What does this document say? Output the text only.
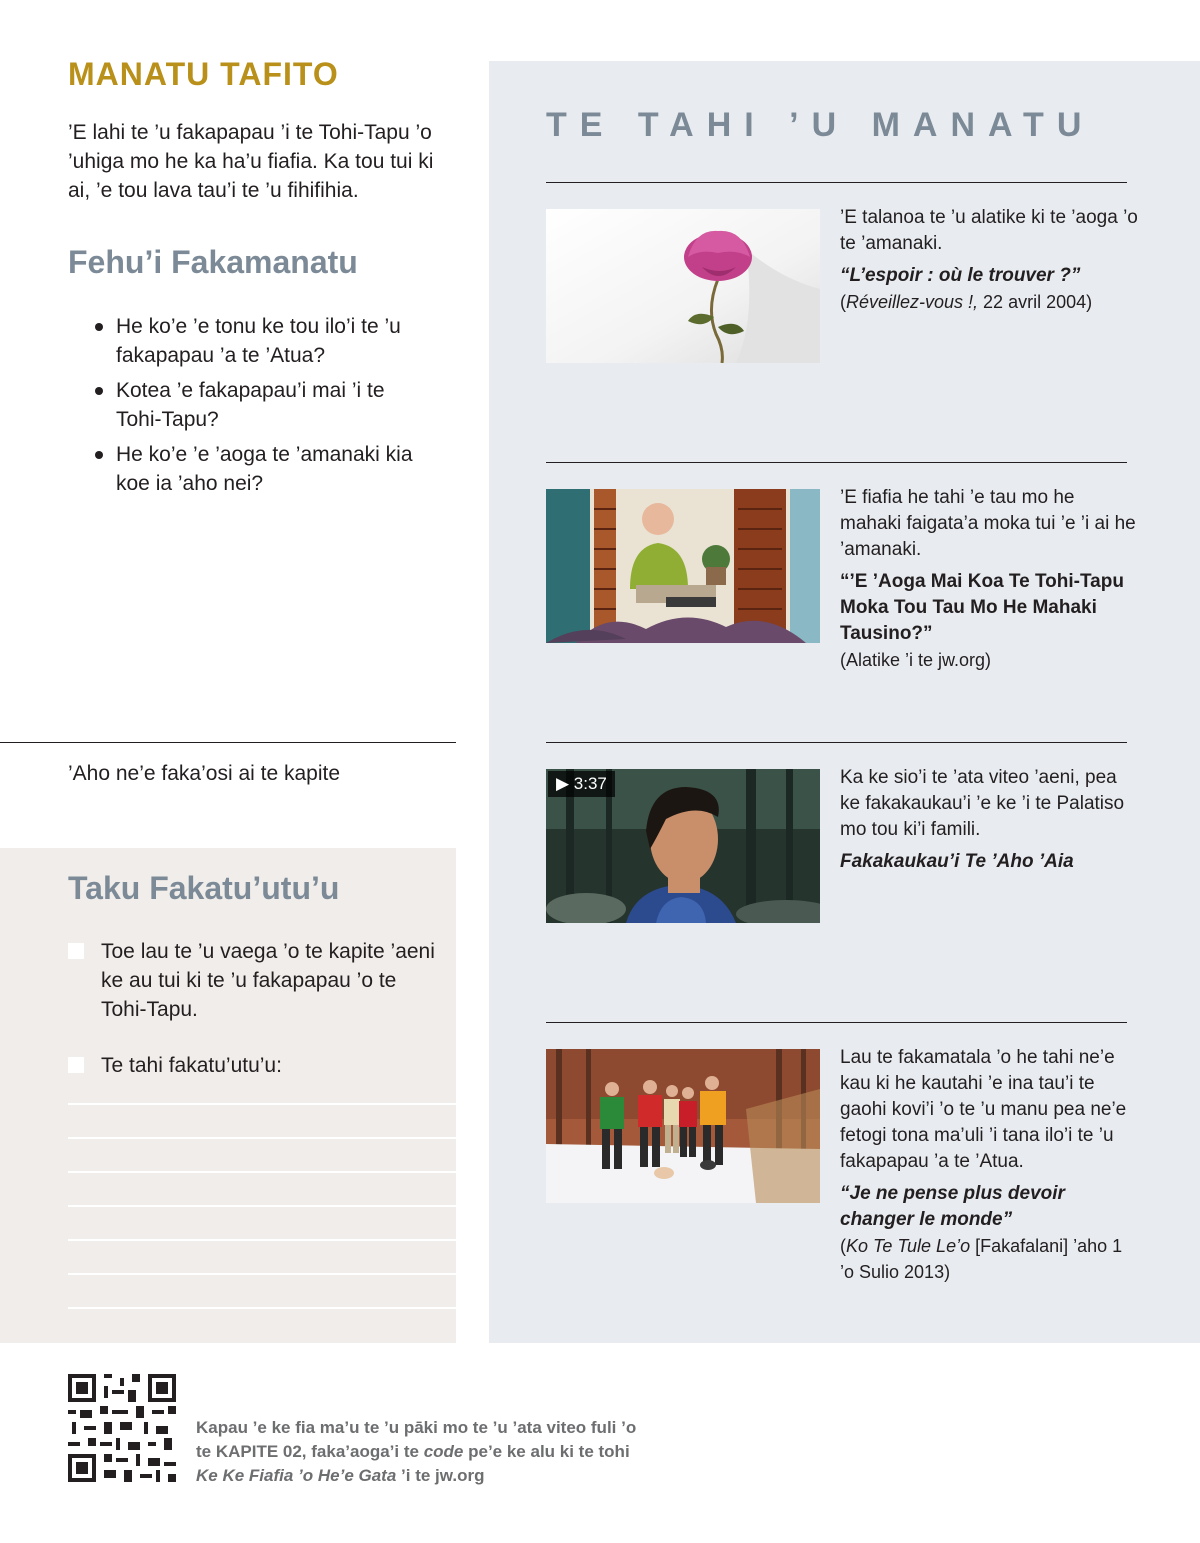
MANATU TAFITO

’E lahi te ’u fakapapau ’i te Tohi-Tapu ’o ’uhiga mo he ka ha’u fiafia. Ka tou tui ki ai, ’e tou lava tau’i te ’u fihifihia.

Fehu’i Fakamanatu
He ko’e ’e tonu ke tou ilo’i te ’u fakapapau ’a te ’Atua?
Kotea ’e fakapapau’i mai ’i te Tohi-Tapu?
He ko’e ’e ’aoga te ’amanaki kia koe ia ’aho nei?

’Aho ne’e faka’osi ai te kapite

Taku Fakatu’utu’u
Toe lau te ’u vaega ’o te kapite ’aeni ke au tui ki te ’u fakapapau ’o te Tohi-Tapu.
Te tahi fakatu’utu’u:
TE TAHI ’U MANATU

’E talanoa te ’u alatike ki te ’aoga ’o te ’amanaki.

“L’espoir : où le trouver ?”

(Réveillez-vous !, 22 avril 2004)

’E fiafia he tahi ’e tau mo he mahaki faigata’a moka tui ’e ’i ai he ’amanaki.

“’E ’Aoga Mai Koa Te Tohi-Tapu Moka Tou Tau Mo He Mahaki Tausino?”

(Alatike ’i te jw.org)

▶ 3:37	Ka ke sio’i te ’ata viteo ’aeni, pea ke fakakaukau’i ’e ke ’i te Palatiso mo tou ki’i famili.

Fakakaukau’i Te ’Aho ’Aia

Lau te fakamatala ’o he tahi ne’e kau ki he kautahi ’e ina tau’i te gaohi kovi’i ’o te ’u manu pea ne’e fetogi tona ma’uli ’i tana ilo’i te ’u fakapapau ’a te ’Atua.

“Je ne pense plus devoir changer le monde”

(Ko Te Tule Le’o [Fakafalani] ’aho 1 ’o Sulio 2013)

Kapau ’e ke fia ma’u te ’u pāki mo te ’u ’ata viteo fuli ’o te KAPITE 02, faka’aoga’i te code pe’e ke alu ki te tohi Ke Ke Fiafia ’o He’e Gata ’i te jw.org
